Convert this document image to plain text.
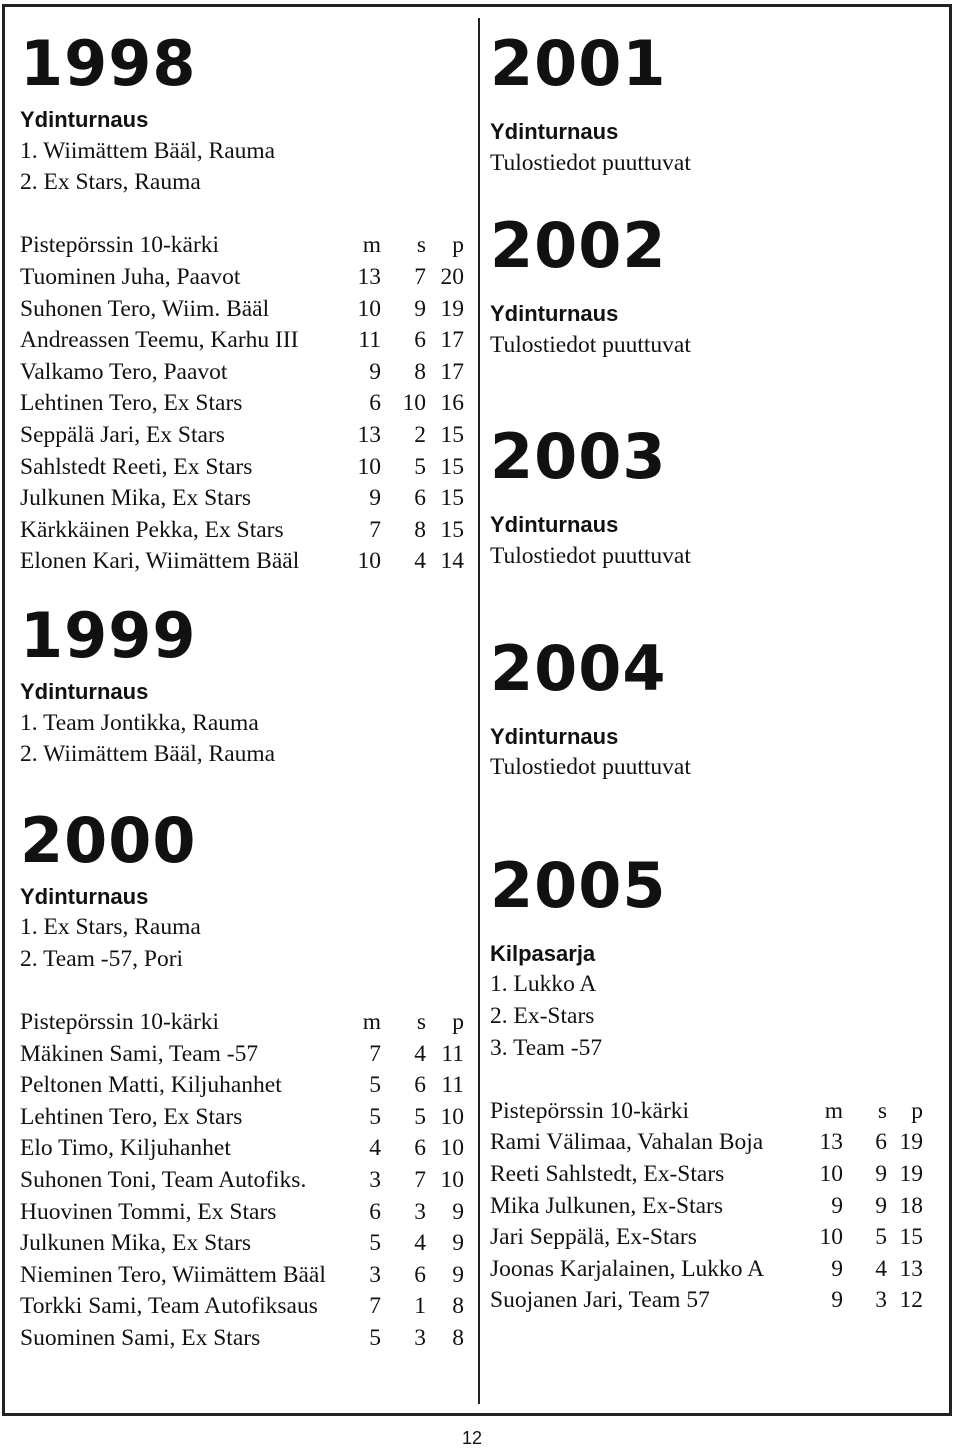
1998
Ydinturnaus
1. Wiimättem Bääl, Rauma
2. Ex Stars, Rauma
Pistepörssin 10-kärki	m	s	p
Tuominen Juha, Paavot	13	7	20
Suhonen Tero, Wiim. Bääl	10	9	19
Andreassen Teemu, Karhu III	11	6	17
Valkamo Tero, Paavot	9	8	17
Lehtinen Tero, Ex Stars	6	10	16
Seppälä Jari, Ex Stars	13	2	15
Sahlstedt Reeti, Ex Stars	10	5	15
Julkunen Mika, Ex Stars	9	6	15
Kärkkäinen Pekka, Ex Stars	7	8	15
Elonen Kari, Wiimättem Bääl	10	4	14
1999
Ydinturnaus
1. Team Jontikka, Rauma
2. Wiimättem Bääl, Rauma
2000
Ydinturnaus
1. Ex Stars, Rauma
2. Team -57, Pori
Pistepörssin 10-kärki	m	s	p
Mäkinen Sami, Team -57	7	4	11
Peltonen Matti, Kiljuhanhet	5	6	11
Lehtinen Tero, Ex Stars	5	5	10
Elo Timo, Kiljuhanhet	4	6	10
Suhonen Toni, Team Autofiks.	3	7	10
Huovinen Tommi, Ex Stars	6	3	9
Julkunen Mika, Ex Stars	5	4	9
Nieminen Tero, Wiimättem Bääl	3	6	9
Torkki Sami, Team Autofiksaus	7	1	8
Suominen Sami, Ex Stars	5	3	8
2001
Ydinturnaus
Tulostiedot puuttuvat
2002
Ydinturnaus
Tulostiedot puuttuvat
2003
Ydinturnaus
Tulostiedot puuttuvat
2004
Ydinturnaus
Tulostiedot puuttuvat
2005
Kilpasarja
1. Lukko A
2. Ex-Stars
3. Team -57
Pistepörssin 10-kärki	m	s	p
Rami Välimaa, Vahalan Boja	13	6	19
Reeti Sahlstedt, Ex-Stars	10	9	19
Mika Julkunen, Ex-Stars	9	9	18
Jari Seppälä, Ex-Stars	10	5	15
Joonas Karjalainen, Lukko A	9	4	13
Suojanen Jari, Team 57	9	3	12
12
